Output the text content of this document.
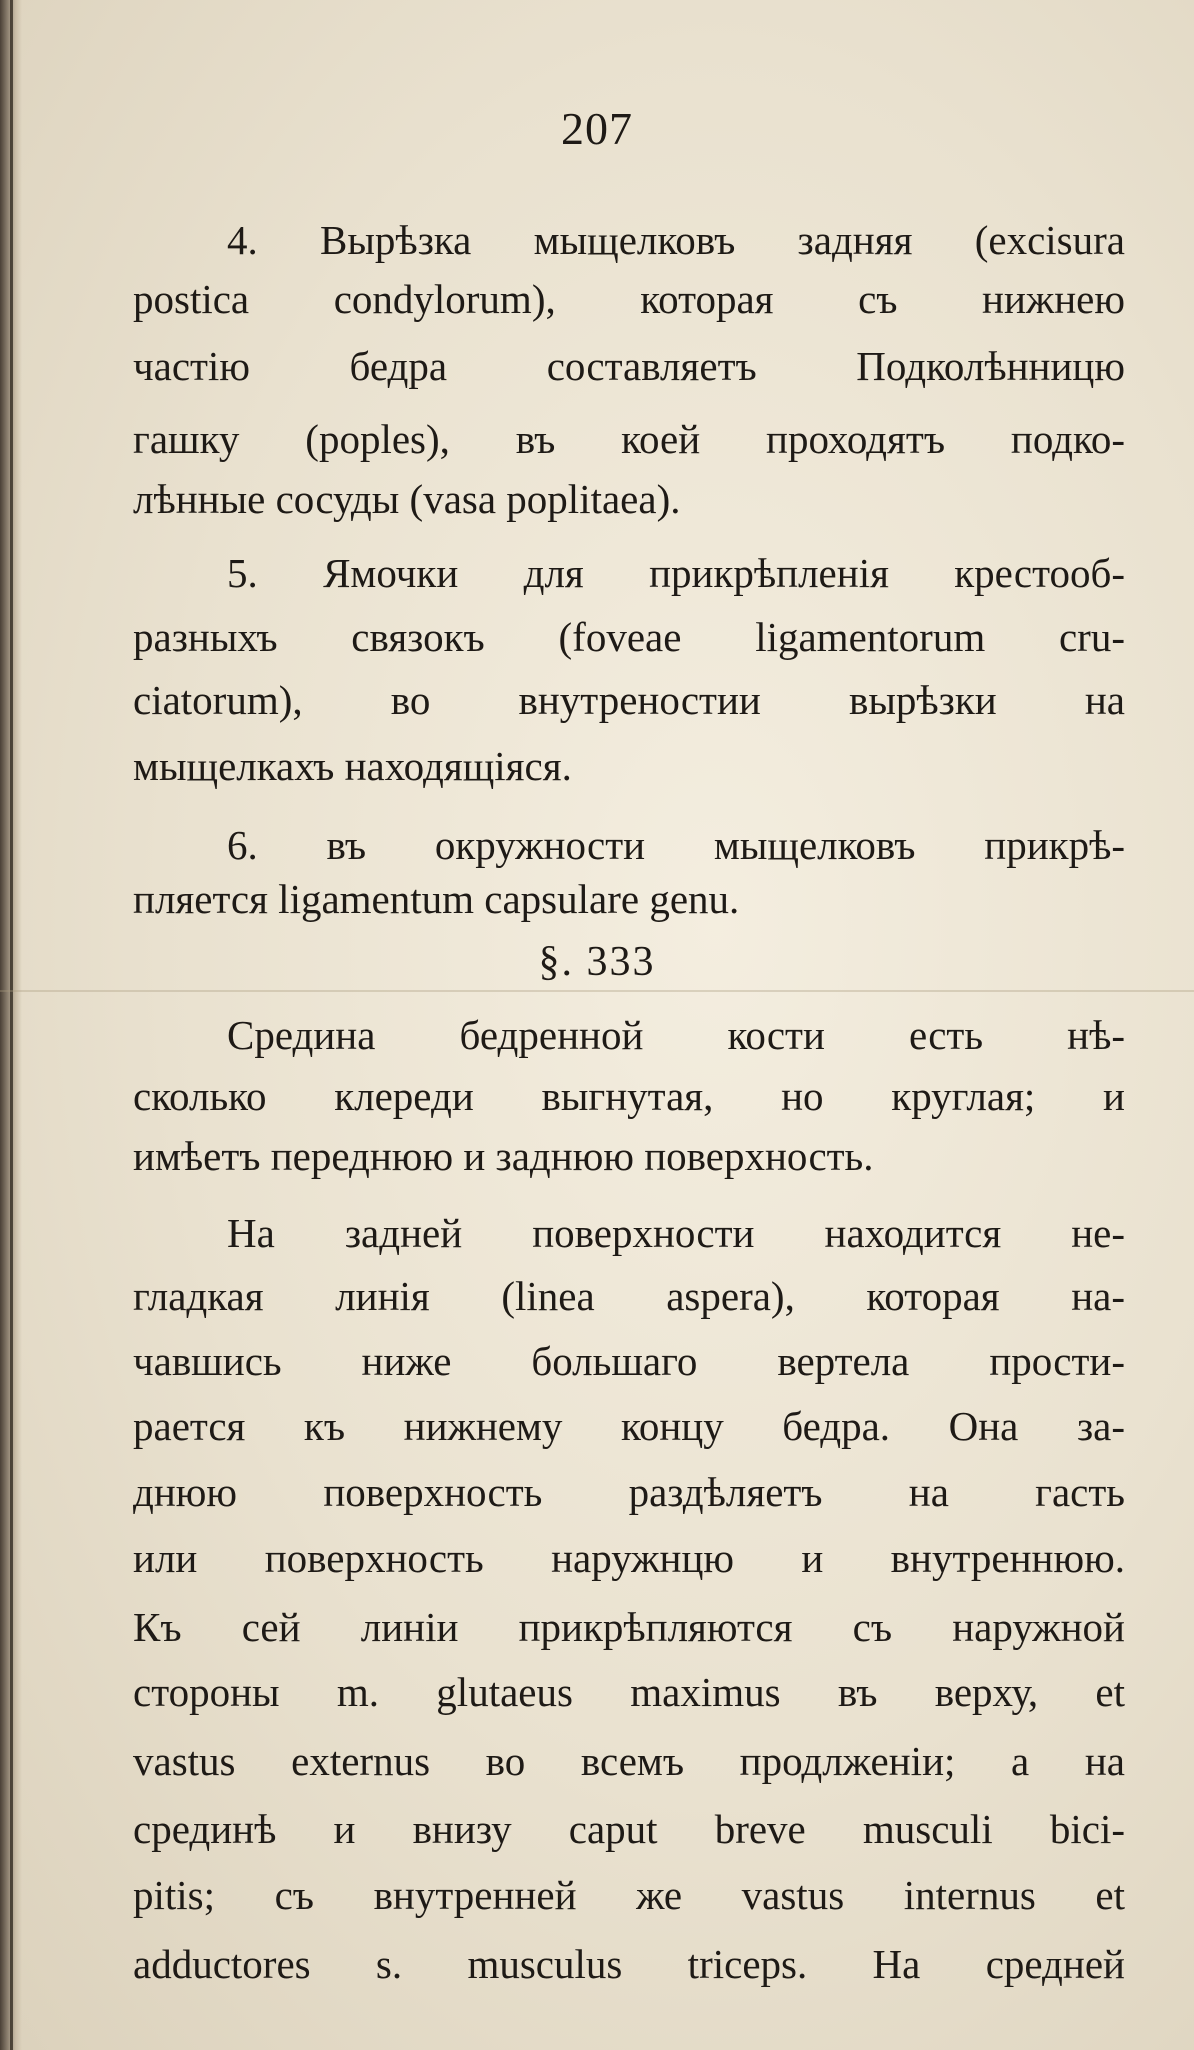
207
4. Вырѣзка мыщелковъ задняя (excisura
postica condylorum), которая съ нижнею
частію бедра составляетъ Подколѣнницю
гашку (poples), въ коей проходятъ подко-
лѣнные сосуды (vasa poplitaea).
5. Ямочки для прикрѣпленія крестооб-
разныхъ связокъ (foveae ligamentorum cru-
ciatorum), во внутреностии вырѣзки на
мыщелкахъ находящіяся.
6. въ окружности мыщелковъ прикрѣ-
пляется ligamentum capsulare genu.
§. 333
Средина бедренной кости есть нѣ-
сколько клереди выгнутая, но круглая; и
имѣетъ переднюю и заднюю поверхность.
На задней поверхности находится не-
гладкая линія (linea aspera), которая на-
чавшись ниже большаго вертела прости-
рается къ нижнему концу бедра. Она за-
днюю поверхность раздѣляетъ на гасть
или поверхность наружнцю и внутреннюю.
Къ сей линіи прикрѣпляются съ наружной
стороны m. glutaeus maximus въ верху, et
vastus externus во всемъ продлженіи; а на
срединѣ и внизу caput breve musculi bici-
pitis; съ внутренней же vastus internus et
adductores s. musculus triceps. На средней
